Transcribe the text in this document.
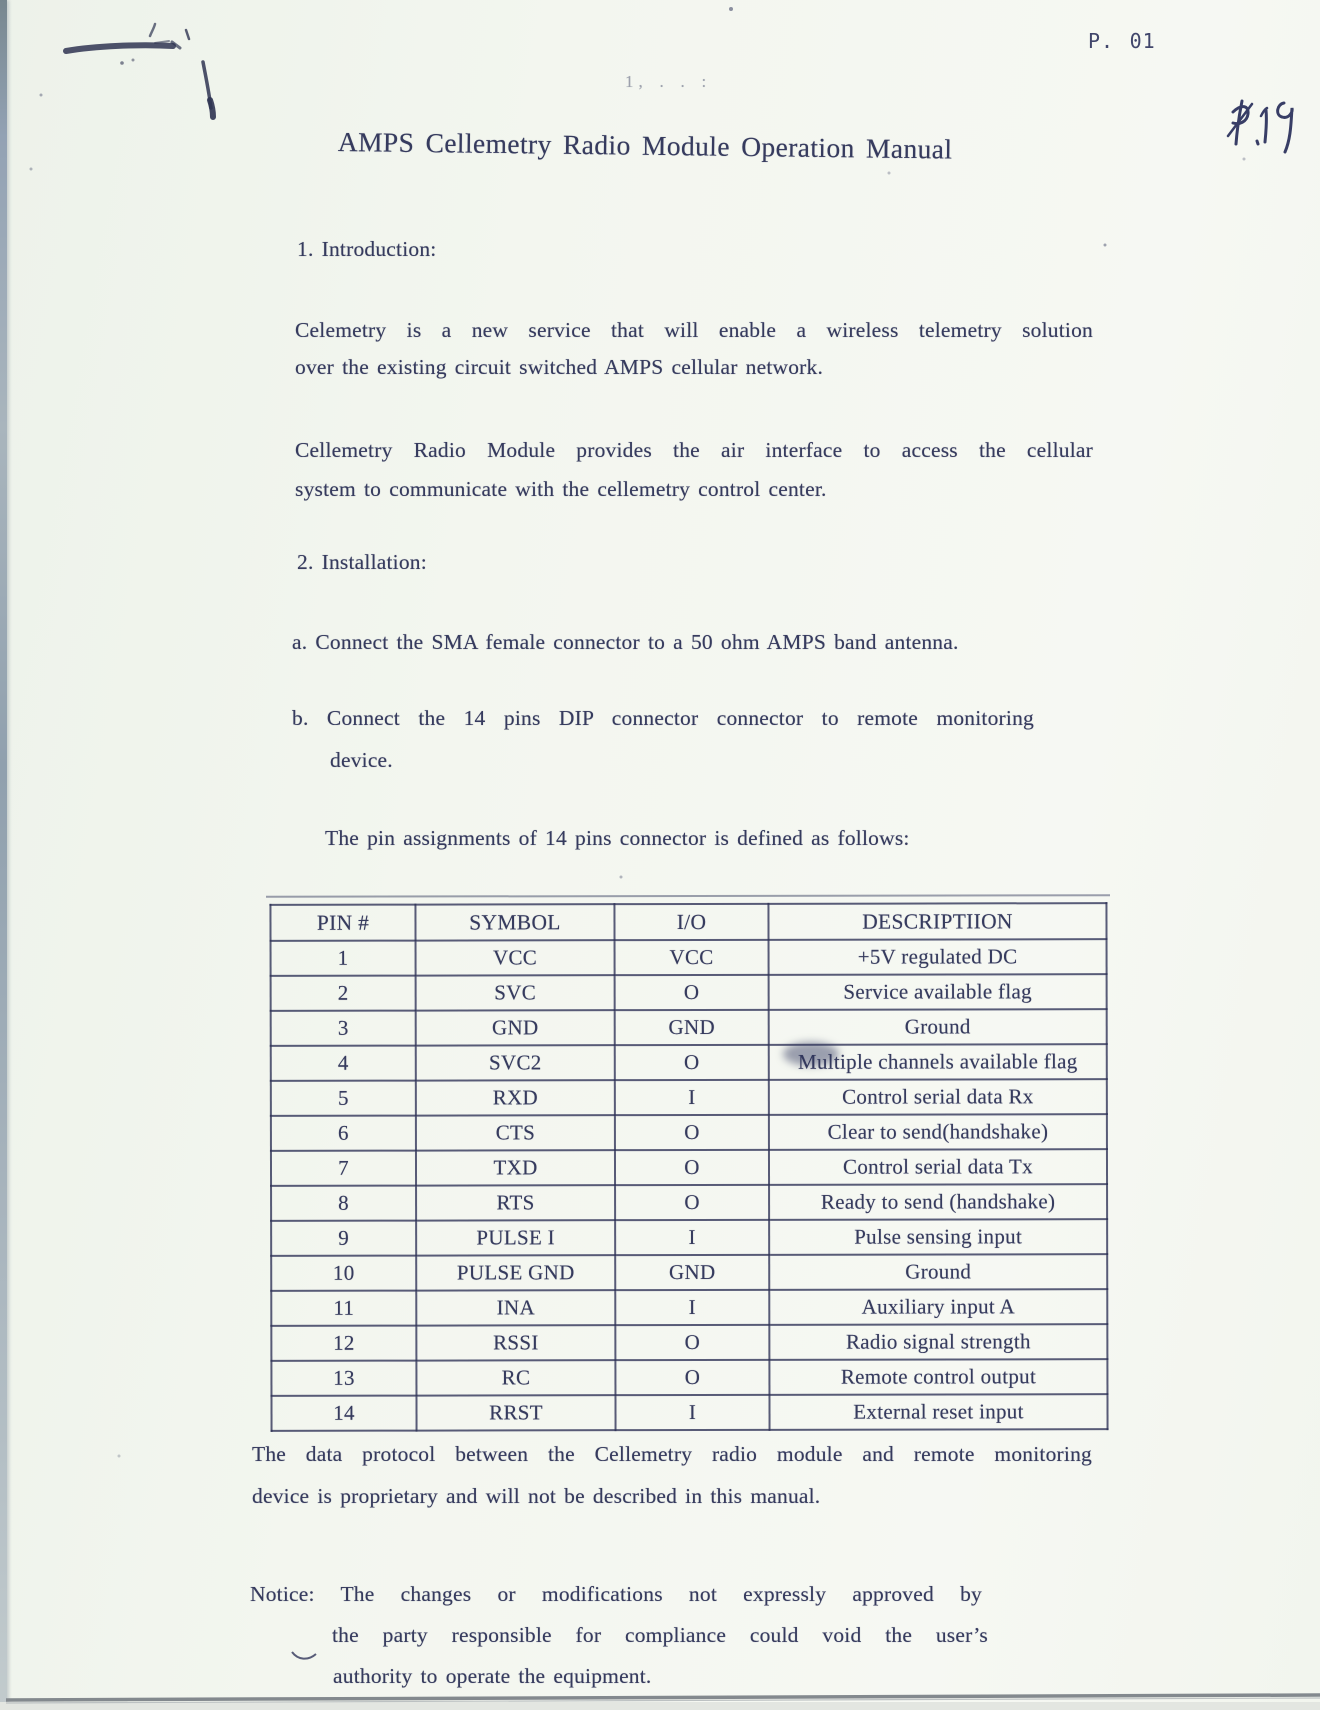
P. 01
1, . . :
AMPS Cellemetry Radio Module Operation Manual
1. Introduction:
Celemetry is a new service that will enable a wireless telemetry solution
over the existing circuit switched AMPS cellular network.
Cellemetry Radio Module provides the air interface to access the cellular
system to communicate with the cellemetry control center.
2. Installation:
a. Connect the SMA female connector to a 50 ohm AMPS band antenna.
b. Connect the 14 pins DIP connector connector to remote monitoring
device.
The pin assignments of 14 pins connector is defined as follows:
PIN #	SYMBOL	I/O	DESCRIPTIION
1	VCC	VCC	+5V regulated DC
2	SVC	O	Service available flag
3	GND	GND	Ground
4	SVC2	O	Multiple channels available flag
5	RXD	I	Control serial data Rx
6	CTS	O	Clear to send(handshake)
7	TXD	O	Control serial data Tx
8	RTS	O	Ready to send (handshake)
9	PULSE I	I	Pulse sensing input
10	PULSE GND	GND	Ground
11	INA	I	Auxiliary input A
12	RSSI	O	Radio signal strength
13	RC	O	Remote control output
14	RRST	I	External reset input
The data protocol between the Cellemetry radio module and remote monitoring
device is proprietary and will not be described in this manual.
Notice: The changes or modifications not expressly approved by
the party responsible for compliance could void the user’s
authority to operate the equipment.
